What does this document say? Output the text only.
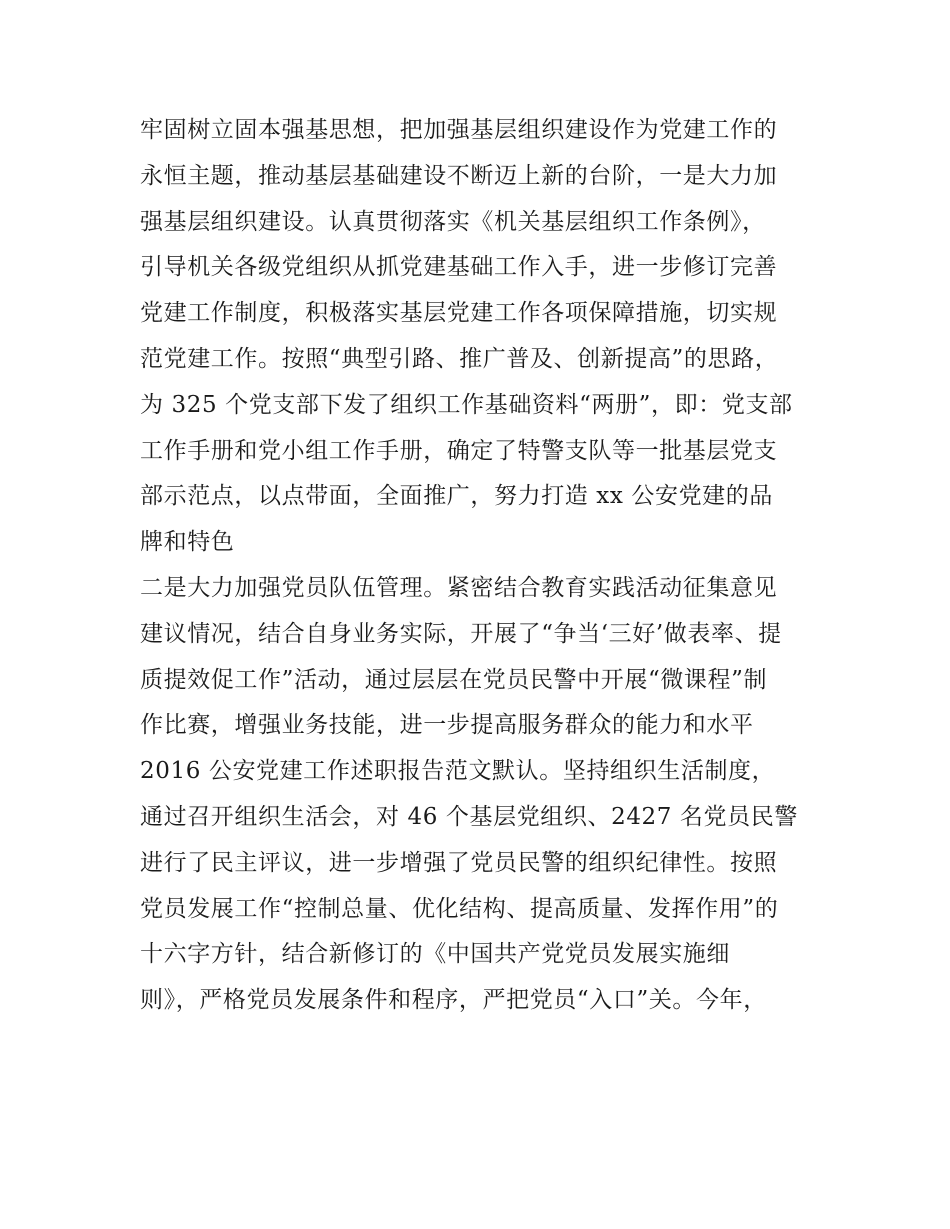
牢固树立固本强基思想，把加强基层组织建设作为党建工作的
永恒主题，推动基层基础建设不断迈上新的台阶，一是大力加
强基层组织建设。认真贯彻落实《机关基层组织工作条例》，
引导机关各级党组织从抓党建基础工作入手，进一步修订完善
党建工作制度，积极落实基层党建工作各项保障措施，切实规
范党建工作。按照“典型引路、推广普及、创新提高”的思路，
为 325 个党支部下发了组织工作基础资料“两册”，即：党支部
工作手册和党小组工作手册，确定了特警支队等一批基层党支
部示范点，以点带面，全面推广，努力打造 xx 公安党建的品
牌和特色
二是大力加强党员队伍管理。紧密结合教育实践活动征集意见
建议情况，结合自身业务实际，开展了“争当‘三好’做表率、提
质提效促工作”活动，通过层层在党员民警中开展“微课程”制
作比赛，增强业务技能，进一步提高服务群众的能力和水平
2016 公安党建工作述职报告范文默认。坚持组织生活制度，
通过召开组织生活会，对 46 个基层党组织、2427 名党员民警
进行了民主评议，进一步增强了党员民警的组织纪律性。按照
党员发展工作“控制总量、优化结构、提高质量、发挥作用”的
十六字方针，结合新修订的《中国共产党党员发展实施细
则》，严格党员发展条件和程序，严把党员“入口”关。今年，
